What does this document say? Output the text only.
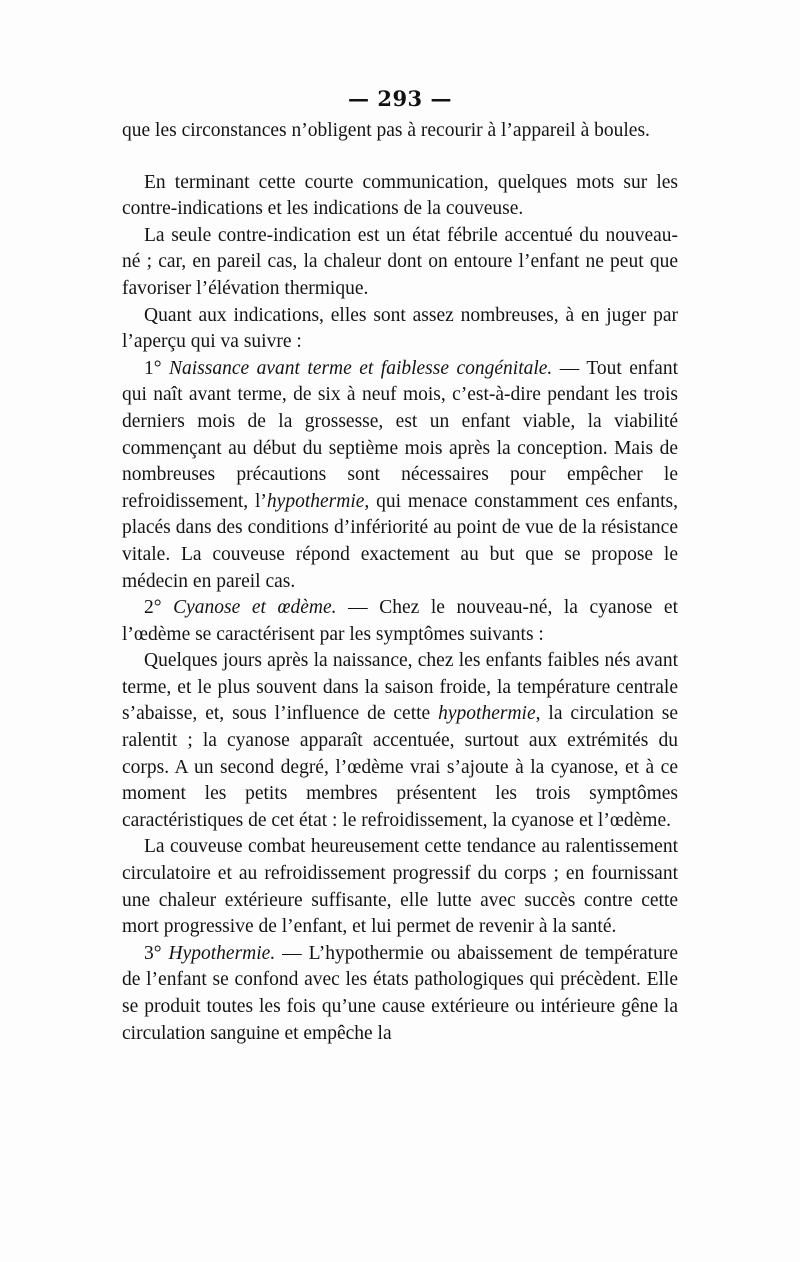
— 293 —

que les circonstances n’obligent pas à recourir à l’appareil à boules.

En terminant cette courte communication, quelques mots sur les contre-indications et les indications de la couveuse.

La seule contre-indication est un état fébrile accentué du nouveau-né ; car, en pareil cas, la chaleur dont on entoure l’enfant ne peut que favoriser l’élévation thermique.

Quant aux indications, elles sont assez nombreuses, à en juger par l’aperçu qui va suivre :

1° Naissance avant terme et faiblesse congénitale. — Tout enfant qui naît avant terme, de six à neuf mois, c’est-à-dire pendant les trois derniers mois de la grossesse, est un enfant viable, la viabilité commençant au début du septième mois après la conception. Mais de nombreuses précautions sont nécessaires pour empêcher le refroidissement, l’hypothermie, qui menace constamment ces enfants, placés dans des conditions d’infériorité au point de vue de la résistance vitale. La couveuse répond exactement au but que se propose le médecin en pareil cas.

2° Cyanose et œdème. — Chez le nouveau-né, la cyanose et l’œdème se caractérisent par les symptômes suivants :

Quelques jours après la naissance, chez les enfants faibles nés avant terme, et le plus souvent dans la saison froide, la température centrale s’abaisse, et, sous l’influence de cette hypothermie, la circulation se ralentit ; la cyanose apparaît accentuée, surtout aux extrémités du corps. A un second degré, l’œdème vrai s’ajoute à la cyanose, et à ce moment les petits membres présentent les trois symptômes caractéristiques de cet état : le refroidissement, la cyanose et l’œdème.

La couveuse combat heureusement cette tendance au ralentissement circulatoire et au refroidissement progressif du corps ; en fournissant une chaleur extérieure suffisante, elle lutte avec succès contre cette mort progressive de l’enfant, et lui permet de revenir à la santé.

3° Hypothermie. — L’hypothermie ou abaissement de température de l’enfant se confond avec les états pathologiques qui précèdent. Elle se produit toutes les fois qu’une cause extérieure ou intérieure gêne la circulation sanguine et empêche la
